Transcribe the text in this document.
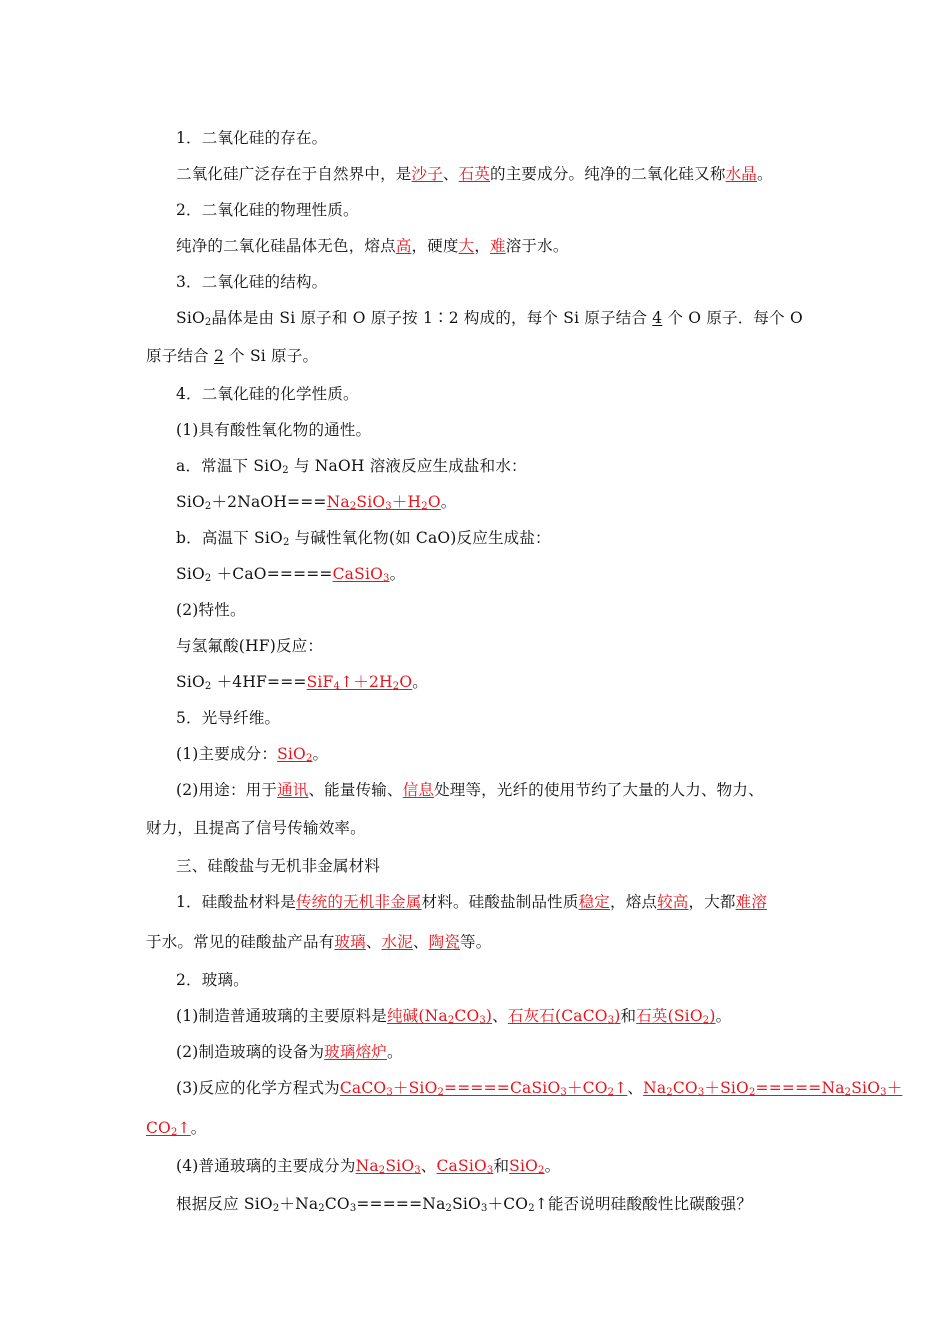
1．二氧化硅的存在。
二氧化硅广泛存在于自然界中，是沙子、石英的主要成分。纯净的二氧化硅又称水晶。
2．二氧化硅的物理性质。
纯净的二氧化硅晶体无色，熔点高，硬度大，难溶于水。
3．二氧化硅的结构。
SiO$_2$晶体是由 Si 原子和 O 原子按 1∶2 构成的，每个 Si 原子结合 4 个 O 原子．每个 O
原子结合 2 个 Si 原子。
4．二氧化硅的化学性质。
(1)具有酸性氧化物的通性。
a．常温下 SiO$_2$ 与 NaOH 溶液反应生成盐和水：
$SiO_2+2NaOH===Na_2SiO_3+H_2O$。
b．高温下 SiO$_2$ 与碱性氧化物(如 CaO)反应生成盐：
SiO$_2$ ＋CaO=====CaSiO$_3$。
(2)特性。
与氢氟酸(HF)反应：
$SiO_2 +4HF===SiF_4↑+2H_2O$。
5．光导纤维。
(1)主要成分：SiO$_2$。
(2)用途：用于通讯、能量传输、信息处理等，光纤的使用节约了大量的人力、物力、
财力，且提高了信号传输效率。
三、硅酸盐与无机非金属材料
1．硅酸盐材料是传统的无机非金属材料。硅酸盐制品性质稳定，熔点较高，大都难溶
于水。常见的硅酸盐产品有玻璃、水泥、陶瓷等。
2．玻璃。
(1)制造普通玻璃的主要原料是纯碱$(Na_2CO_3)$、石灰石(CaCO$_3$)和石英(SiO$_2$)。
(2)制造玻璃的设备为玻璃熔炉。
(3)反应的化学方程式为$CaCO_3+SiO_2=====CaSiO_3+CO_2↑$、$Na_2CO_3+SiO_2=====Na_2SiO_3+$
$CO_2↑$。
(4)普通玻璃的主要成分为$Na_2SiO_3$、CaSiO$_3$和SiO$_2$。
根据反应 $SiO_2+Na_2CO_3=====Na_2SiO_3+CO_2↑$能否说明硅酸酸性比碳酸强？
